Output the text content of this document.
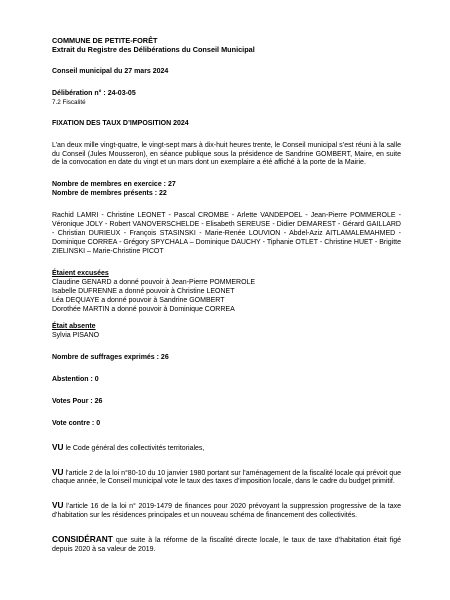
COMMUNE DE PETITE-FORÊT

Extrait du Registre des Délibérations du Conseil Municipal

Conseil municipal du 27 mars 2024

Délibération n° : 24-03-05

7.2 Fiscalité

FIXATION DES TAUX D’IMPOSITION 2024

L’an deux mille vingt-quatre, le vingt-sept mars à dix-huit heures trente, le Conseil municipal s’est réuni à la salle du Conseil (Jules Mousseron), en séance publique sous la présidence de Sandrine GOMBERT, Maire, en suite de la convocation en date du vingt et un mars dont un exemplaire a été affiché à la porte de la Mairie.

Nombre de membres en exercice : 27

Nombre de membres présents : 22

Rachid LAMRI - Christine LEONET - Pascal CROMBE - Arlette VANDEPOEL - Jean-Pierre POMMEROLE - Véronique JOLY - Robert VANOVERSCHELDE - Elisabeth SEREUSE - Didier DEMAREST - Gérard GAILLARD - Christian DURIEUX - François STASINSKI - Marie-Renée LOUVION - Abdel-Aziz AITLAMALEMAHMED - Dominique CORREA - Grégory SPYCHALA – Dominique DAUCHY - Tiphanie OTLET - Christine HUET - Brigitte ZIELINSKI – Marie-Christine PICOT

Étaient excusées

Claudine GENARD a donné pouvoir à Jean-Pierre POMMEROLE

Isabelle DUFRENNE a donné pouvoir à Christine LEONET

Léa DEQUAYE a donné pouvoir à Sandrine GOMBERT

Dorothée MARTIN a donné pouvoir à Dominique CORREA

Était absente

Sylvia PISANO

Nombre de suffrages exprimés : 26

Abstention : 0

Votes Pour : 26

Vote contre : 0

VU le Code général des collectivités territoriales,

VU l’article 2 de la loi n°80-10 du 10 janvier 1980 portant sur l’aménagement de la fiscalité locale qui prévoit que chaque année, le Conseil municipal vote le taux des taxes d’imposition locale, dans le cadre du budget primitif.

VU l’article 16 de la loi n° 2019-1479 de finances pour 2020 prévoyant la suppression progressive de la taxe d’habitation sur les résidences principales et un nouveau schéma de financement des collectivités.

CONSIDÉRANT que suite à la réforme de la fiscalité directe locale, le taux de taxe d’habitation était figé depuis 2020 à sa valeur de 2019.
